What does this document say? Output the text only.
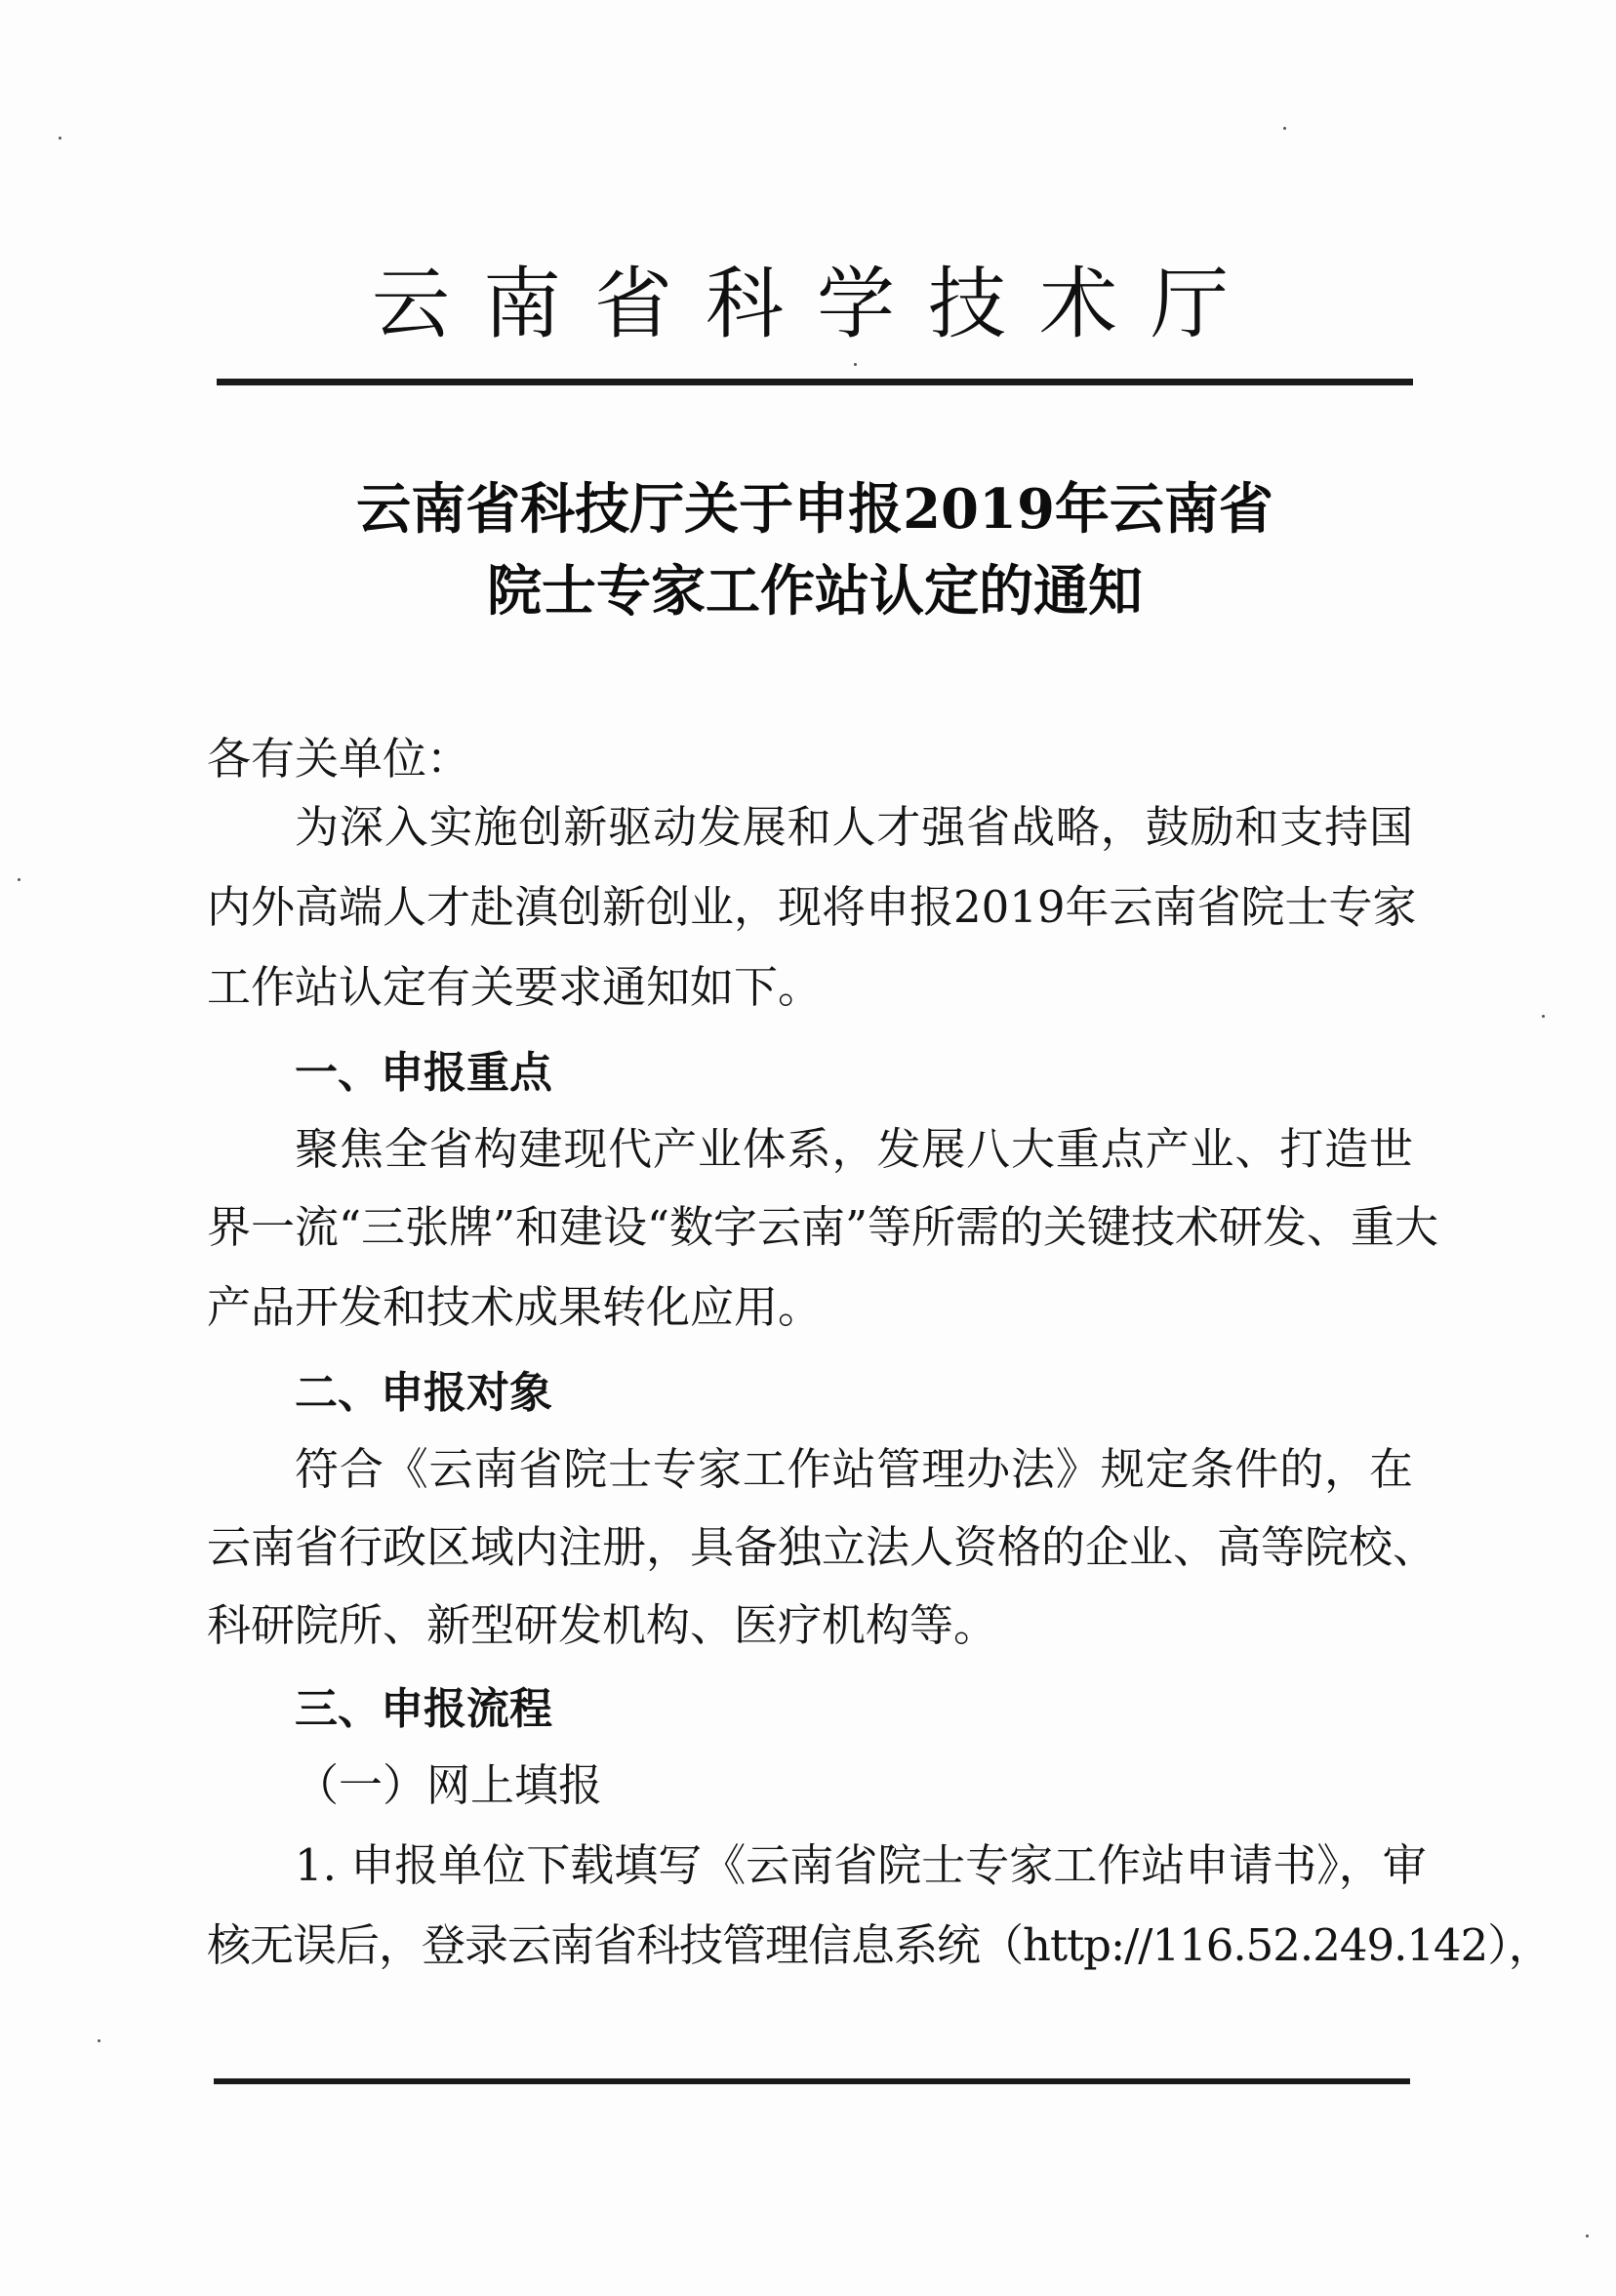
云南省科学技术厅
云南省科技厅关于申报2019年云南省
院士专家工作站认定的通知
各有关单位：
为深入实施创新驱动发展和人才强省战略，鼓励和支持国
内外高端人才赴滇创新创业，现将申报2019年云南省院士专家
工作站认定有关要求通知如下。
一、申报重点
聚焦全省构建现代产业体系，发展八大重点产业、打造世
界一流“三张牌”和建设“数字云南”等所需的关键技术研发、重大
产品开发和技术成果转化应用。
二、申报对象
符合《云南省院士专家工作站管理办法》规定条件的，在
云南省行政区域内注册，具备独立法人资格的企业、高等院校、
科研院所、新型研发机构、医疗机构等。
三、申报流程
（一）网上填报
1. 申报单位下载填写《云南省院士专家工作站申请书》，审
核无误后，登录云南省科技管理信息系统（http://116.52.249.142），
